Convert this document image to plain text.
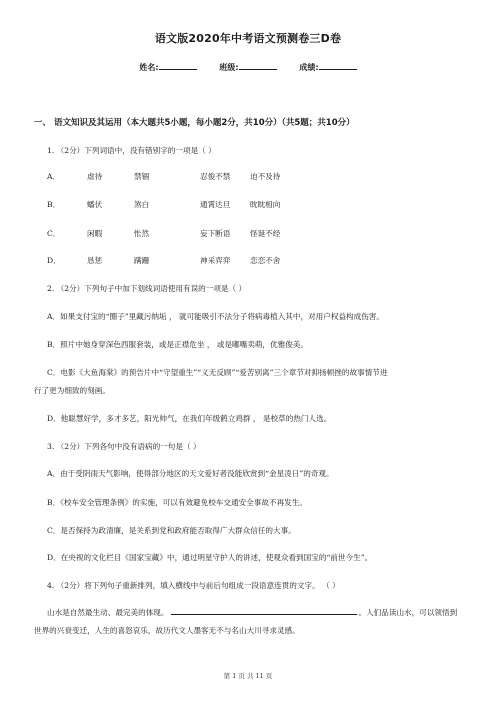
语文版2020年中考语文预测卷三D卷
姓名:	班级:	成绩:
一、 语文知识及其运用（本大题共5小题，每小题2分，共10分）（共5题；共10分）
1. （2分）下列词语中，没有错别字的一项是（ ）
A．	虐待	禁锢	忍俊不禁	迫不及待
B．	蟠伏	煞白	通霄达旦	眈眈相向
C．	闲暇	怅然	妄下断语	怪诞不经
D．	恳惩	蹒跚	神采弈弈	恋恋不舍
2. （2分）下列句子中加下划线词语使用有误的一项是（ ）
A．如果支付宝的“圈子”里藏污纳垢 ， 就可能吸引不法分子将病毒植入其中，对用户权益构成伤害。
B．照片中她身穿深色西服套装，或是正襟危坐 ， 或是嘟嘴卖萌，优雅俊美。
C．电影《大鱼海棠》的预告片中“守望重生”“义无反顾”“爱苦别离”三个章节对抑扬顿挫的故事情节进
行了更为细致的刻画。
D．他聪慧好学，多才多艺，阳光帅气，在我们年级鹤立鸡群 ， 是校草的热门人选。
3. （2分）下列各句中没有语病的一句是（ ）
A．由于受阴雨天气影响，使得部分地区的天文爱好者没能欣赏到“金星凌日”的奇观。
B．《校车安全管理条例》的实施，可以有效避免校车交通安全事故不再发生。
C．是否保持为政清廉，是关系到党和政府能否取得广大群众信任的大事。
D．在央视的文化栏目《国家宝藏》中，通过明星守护人的讲述，使观众看到国宝的“前世今生”。
4. （2分）将下列句子重新排列，填入横线中与前后句组成一段语意连贯的文字。 （ ）
山水是自然最生动、最完美的体现。	。人们品读山水，可以领悟到
世界的兴衰变迁，人生的喜怒哀乐，故历代文人墨客无不与名山大川寻求灵感。
第 1 页 共 11 页
